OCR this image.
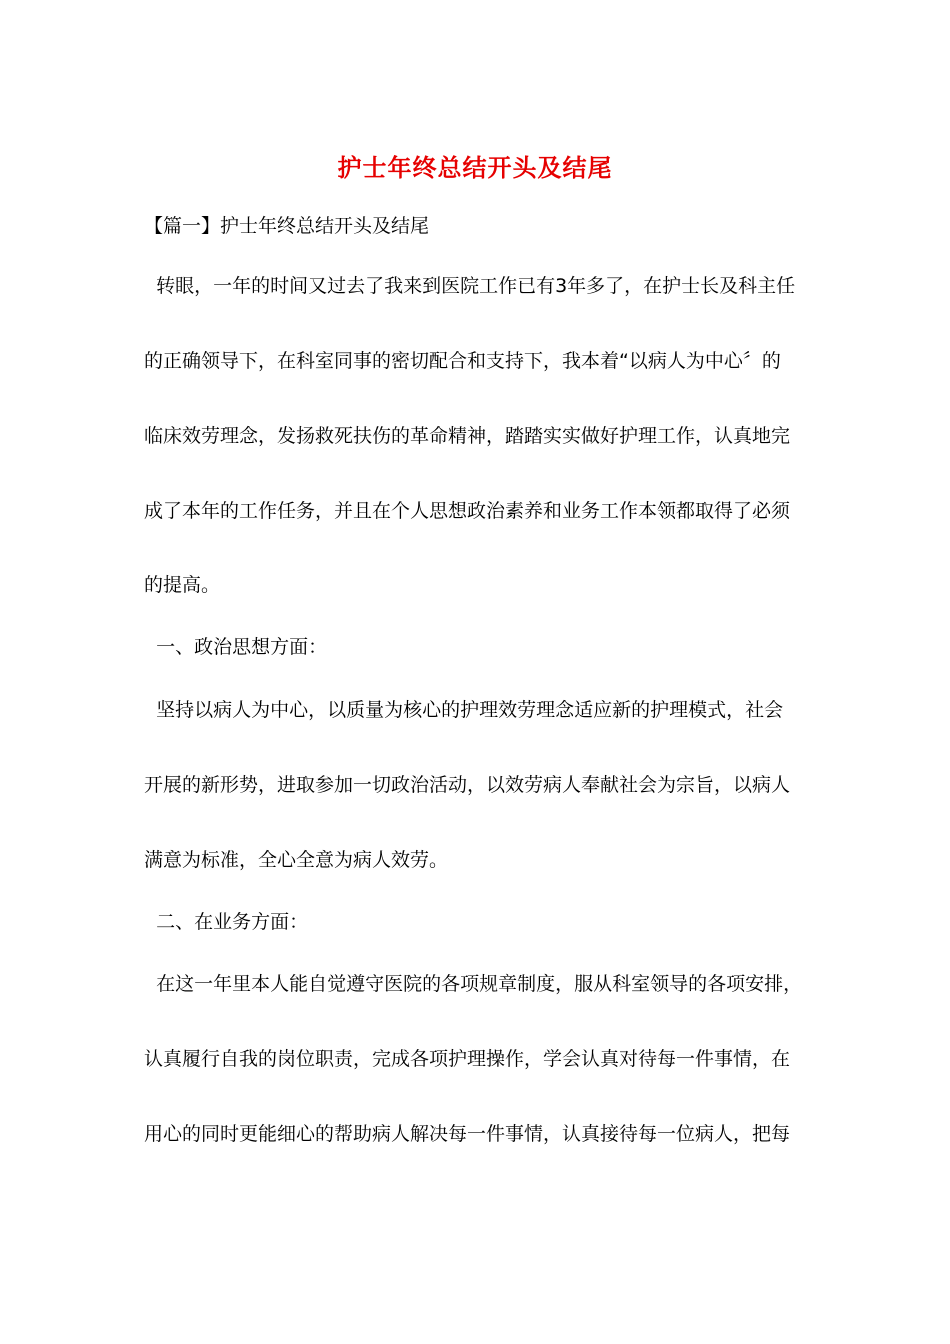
护士年终总结开头及结尾
【篇一】护士年终总结开头及结尾
转眼，一年的时间又过去了我来到医院工作已有3年多了，在护士长及科主任
的正确领导下，在科室同事的密切配合和支持下，我本着“以病人为中心〞的
临床效劳理念，发扬救死扶伤的革命精神，踏踏实实做好护理工作，认真地完
成了本年的工作任务，并且在个人思想政治素养和业务工作本领都取得了必须
的提高。
一、政治思想方面：
坚持以病人为中心，以质量为核心的护理效劳理念适应新的护理模式，社会
开展的新形势，进取参加一切政治活动，以效劳病人奉献社会为宗旨，以病人
满意为标准，全心全意为病人效劳。
二、在业务方面：
在这一年里本人能自觉遵守医院的各项规章制度，服从科室领导的各项安排，
认真履行自我的岗位职责，完成各项护理操作，学会认真对待每一件事情，在
用心的同时更能细心的帮助病人解决每一件事情，认真接待每一位病人，把每
